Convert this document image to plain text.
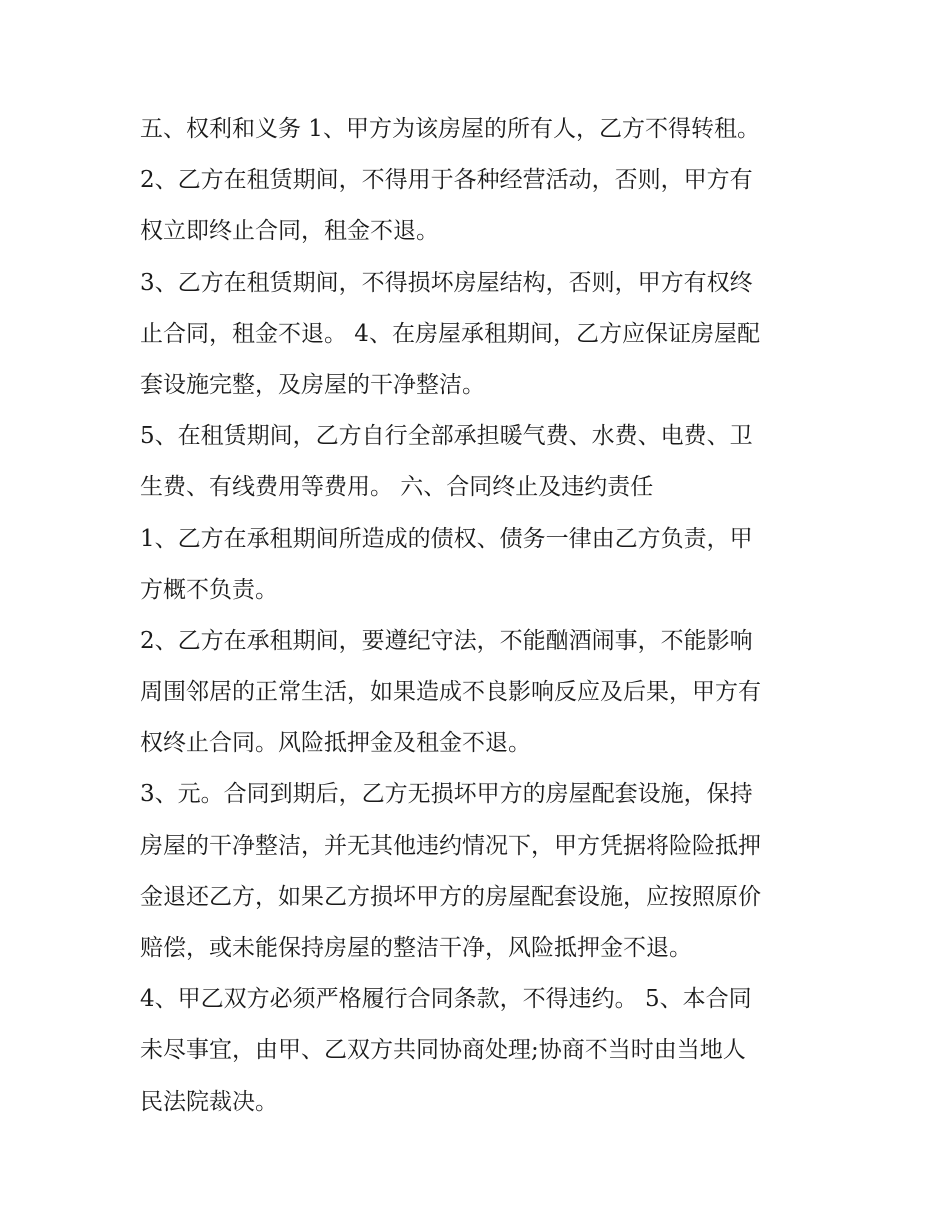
五、权利和义务 1、甲方为该房屋的所有人，乙方不得转租。
2、乙方在租赁期间，不得用于各种经营活动，否则，甲方有
权立即终止合同，租金不退。
3、乙方在租赁期间，不得损坏房屋结构，否则，甲方有权终
止合同，租金不退。 4、在房屋承租期间，乙方应保证房屋配
套设施完整，及房屋的干净整洁。
5、在租赁期间，乙方自行全部承担暖气费、水费、电费、卫
生费、有线费用等费用。 六、合同终止及违约责任
1、乙方在承租期间所造成的债权、债务一律由乙方负责，甲
方概不负责。
2、乙方在承租期间，要遵纪守法，不能酗酒闹事，不能影响
周围邻居的正常生活，如果造成不良影响反应及后果，甲方有
权终止合同。风险抵押金及租金不退。
3、元。合同到期后，乙方无损坏甲方的房屋配套设施，保持
房屋的干净整洁，并无其他违约情况下，甲方凭据将险险抵押
金退还乙方，如果乙方损坏甲方的房屋配套设施，应按照原价
赔偿，或未能保持房屋的整洁干净，风险抵押金不退。
4、甲乙双方必须严格履行合同条款，不得违约。 5、本合同
未尽事宜，由甲、乙双方共同协商处理;协商不当时由当地人
民法院裁决。
